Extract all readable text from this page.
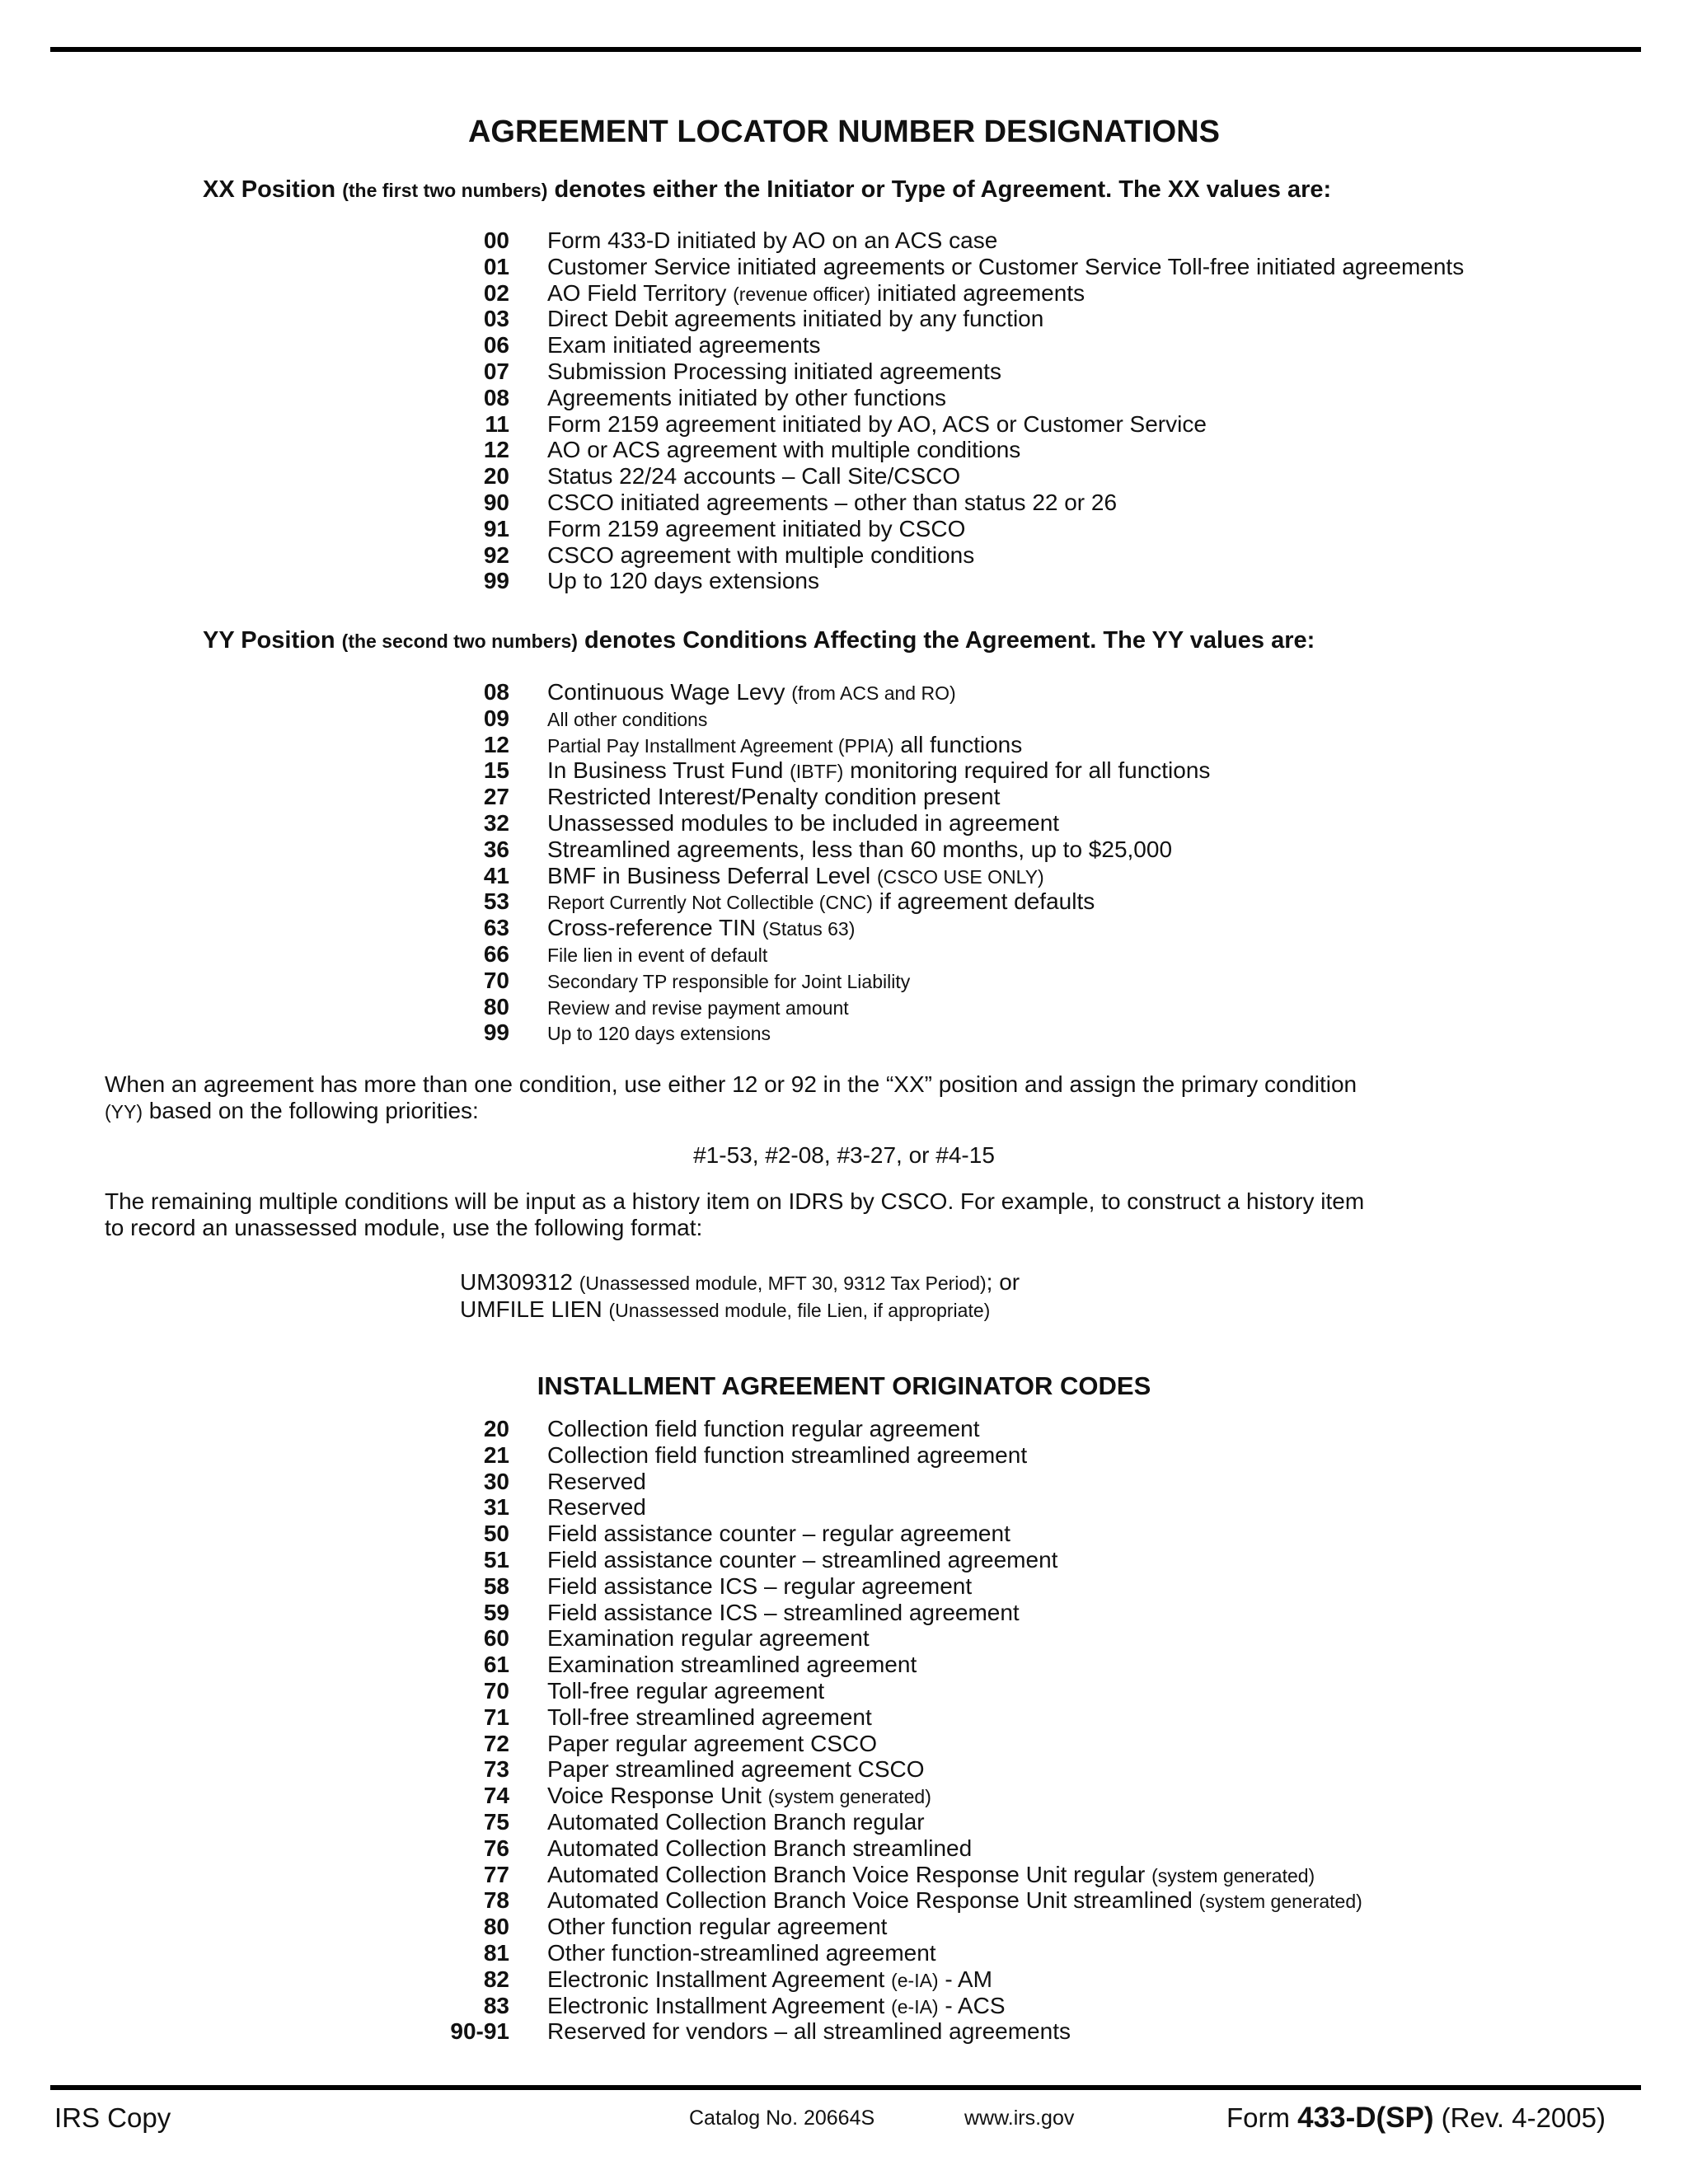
AGREEMENT LOCATOR NUMBER DESIGNATIONS
XX Position (the first two numbers) denotes either the Initiator or Type of Agreement. The XX values are:
00 Form 433-D initiated by AO on an ACS case
01 Customer Service initiated agreements or Customer Service Toll-free initiated agreements
02 AO Field Territory (revenue officer) initiated agreements
03 Direct Debit agreements initiated by any function
06 Exam initiated agreements
07 Submission Processing initiated agreements
08 Agreements initiated by other functions
11 Form 2159 agreement initiated by AO, ACS or Customer Service
12 AO or ACS agreement with multiple conditions
20 Status 22/24 accounts – Call Site/CSCO
90 CSCO initiated agreements – other than status 22 or 26
91 Form 2159 agreement initiated by CSCO
92 CSCO agreement with multiple conditions
99 Up to 120 days extensions
YY Position (the second two numbers) denotes Conditions Affecting the Agreement. The YY values are:
08 Continuous Wage Levy (from ACS and RO)
09 All other conditions
12 Partial Pay Installment Agreement (PPIA) all functions
15 In Business Trust Fund (IBTF) monitoring required for all functions
27 Restricted Interest/Penalty condition present
32 Unassessed modules to be included in agreement
36 Streamlined agreements, less than 60 months, up to $25,000
41 BMF in Business Deferral Level (CSCO USE ONLY)
53 Report Currently Not Collectible (CNC) if agreement defaults
63 Cross-reference TIN (Status 63)
66 File lien in event of default
70 Secondary TP responsible for Joint Liability
80 Review and revise payment amount
99 Up to 120 days extensions
When an agreement has more than one condition, use either 12 or 92 in the “XX” position and assign the primary condition
(YY) based on the following priorities:
#1-53, #2-08, #3-27, or #4-15
The remaining multiple conditions will be input as a history item on IDRS by CSCO. For example, to construct a history item
to record an unassessed module, use the following format:
UM309312 (Unassessed module, MFT 30, 9312 Tax Period); or
UMFILE LIEN (Unassessed module, file Lien, if appropriate)
INSTALLMENT AGREEMENT ORIGINATOR CODES
20 Collection field function regular agreement
21 Collection field function streamlined agreement
30 Reserved
31 Reserved
50 Field assistance counter – regular agreement
51 Field assistance counter – streamlined agreement
58 Field assistance ICS – regular agreement
59 Field assistance ICS – streamlined agreement
60 Examination regular agreement
61 Examination streamlined agreement
70 Toll-free regular agreement
71 Toll-free streamlined agreement
72 Paper regular agreement CSCO
73 Paper streamlined agreement CSCO
74 Voice Response Unit (system generated)
75 Automated Collection Branch regular
76 Automated Collection Branch streamlined
77 Automated Collection Branch Voice Response Unit regular (system generated)
78 Automated Collection Branch Voice Response Unit streamlined (system generated)
80 Other function regular agreement
81 Other function-streamlined agreement
82 Electronic Installment Agreement (e-IA) - AM
83 Electronic Installment Agreement (e-IA) - ACS
90-91 Reserved for vendors – all streamlined agreements
IRS Copy	Catalog No. 20664S	www.irs.gov	Form 433-D(SP) (Rev. 4-2005)
